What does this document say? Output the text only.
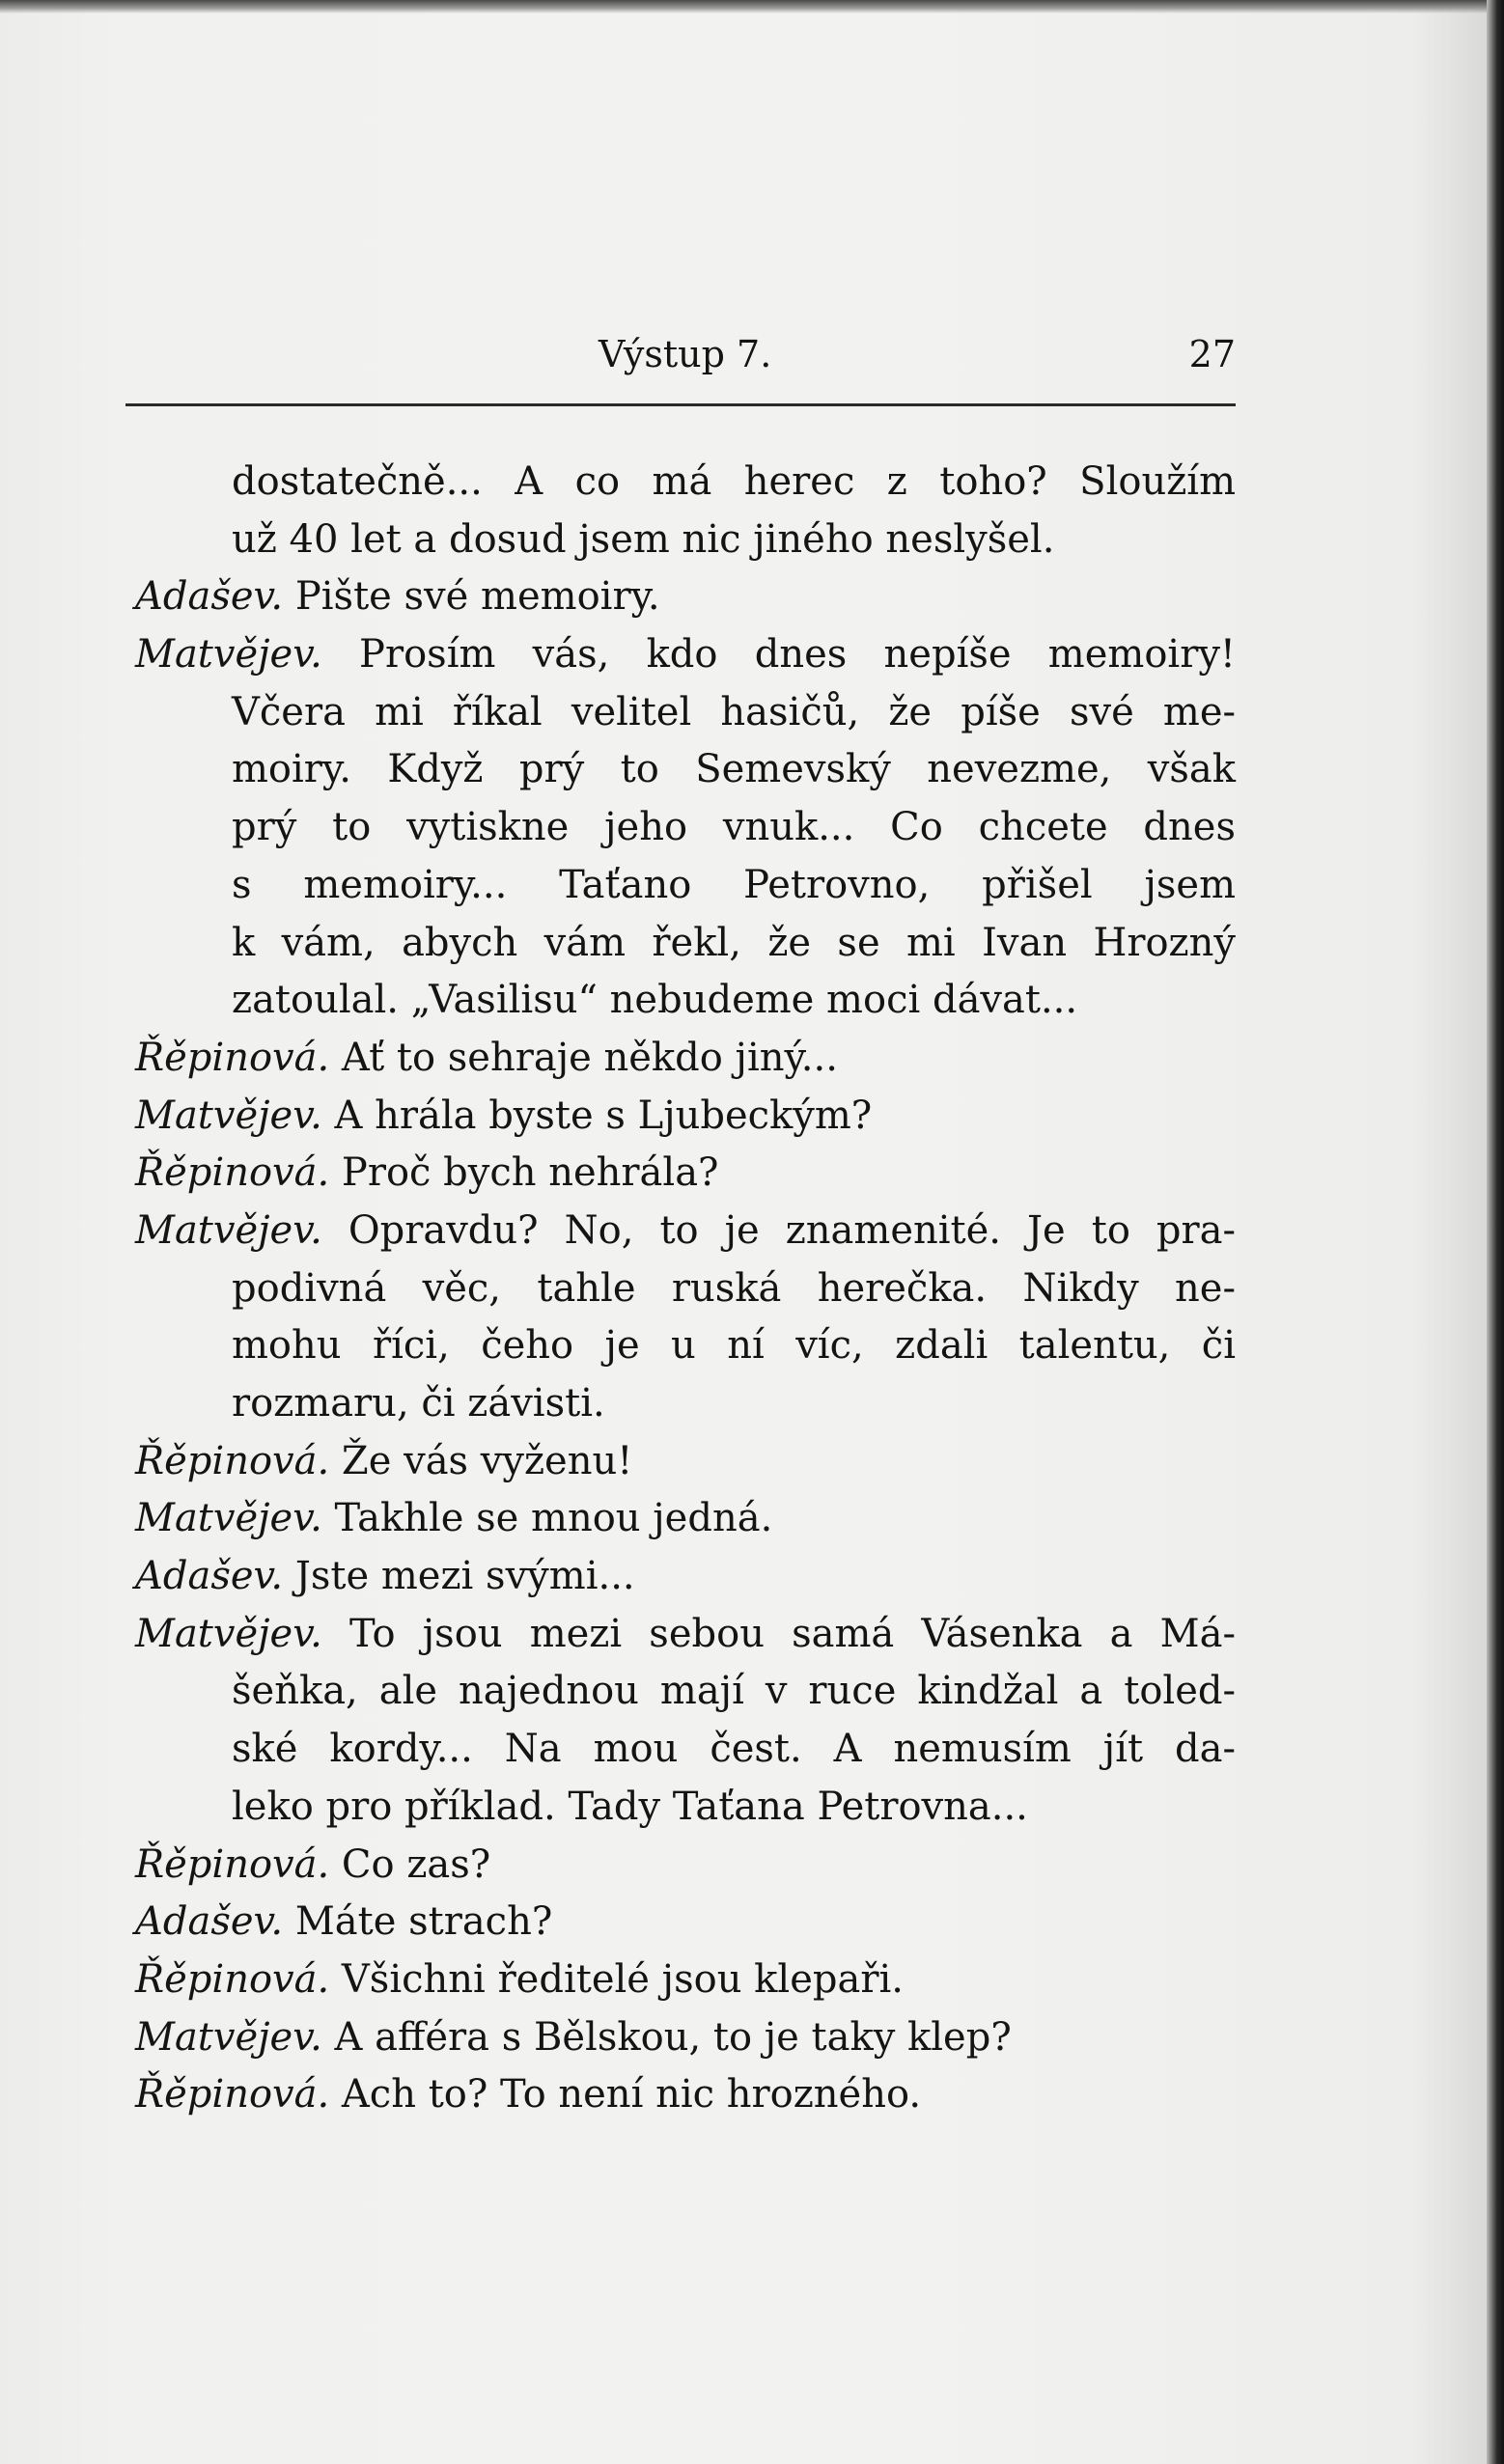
Výstup 7.	27
dostatečně... A co má herec z toho? Sloužím
už 40 let a dosud jsem nic jiného neslyšel.
Adašev. Pište své memoiry.
Matvějev. Prosím vás, kdo dnes nepíše memoiry!
Včera mi říkal velitel hasičů, že píše své me-
moiry. Když prý to Semevský nevezme, však
prý to vytiskne jeho vnuk... Co chcete dnes
s memoiry... Taťano Petrovno, přišel jsem
k vám, abych vám řekl, že se mi Ivan Hrozný
zatoulal. „Vasilisu“ nebudeme moci dávat...
Řěpinová. Ať to sehraje někdo jiný...
Matvějev. A hrála byste s Ljubeckým?
Řěpinová. Proč bych nehrála?
Matvějev. Opravdu? No, to je znamenité. Je to pra-
podivná věc, tahle ruská herečka. Nikdy ne-
mohu říci, čeho je u ní víc, zdali talentu, či
rozmaru, či závisti.
Řěpinová. Že vás vyženu!
Matvějev. Takhle se mnou jedná.
Adašev. Jste mezi svými...
Matvějev. To jsou mezi sebou samá Vásenka a Má-
šeňka, ale najednou mají v ruce kindžal a toled-
ské kordy... Na mou čest. A nemusím jít da-
leko pro příklad. Tady Taťana Petrovna...
Řěpinová. Co zas?
Adašev. Máte strach?
Řěpinová. Všichni ředitelé jsou klepaři.
Matvějev. A afféra s Bělskou, to je taky klep?
Řěpinová. Ach to? To není nic hrozného.
